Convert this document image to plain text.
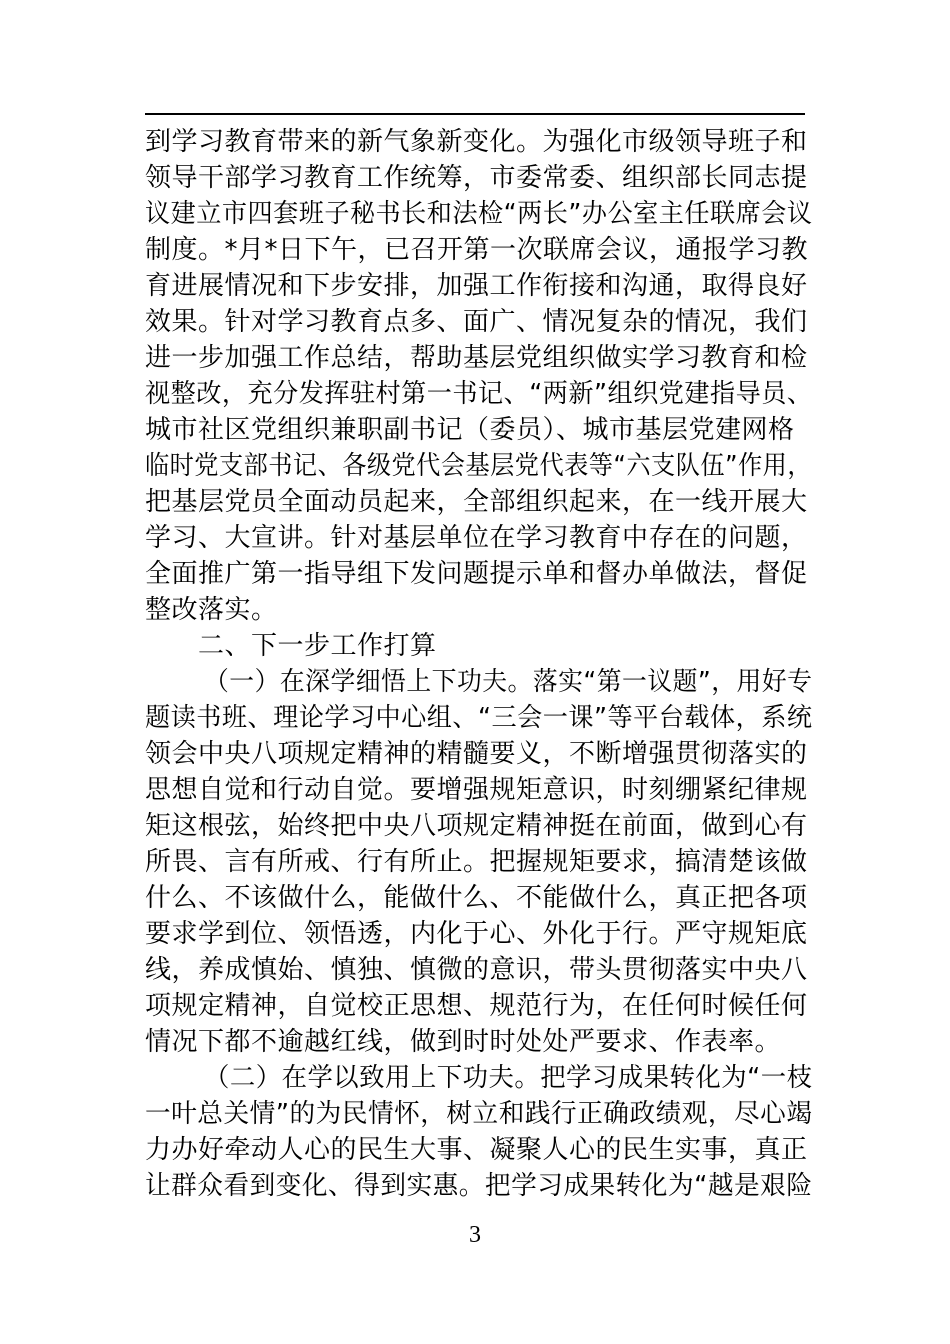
到学习教育带来的新气象新变化。为强化市级领导班子和
领导干部学习教育工作统筹，市委常委、组织部长同志提
议建立市四套班子秘书长和法检“两长”办公室主任联席会议
制度。*月*日下午，已召开第一次联席会议，通报学习教
育进展情况和下步安排，加强工作衔接和沟通，取得良好
效果。针对学习教育点多、面广、情况复杂的情况，我们
进一步加强工作总结，帮助基层党组织做实学习教育和检
视整改，充分发挥驻村第一书记、“两新”组织党建指导员、
城市社区党组织兼职副书记（委员）、城市基层党建网格
临时党支部书记、各级党代会基层党代表等“六支队伍”作用，
把基层党员全面动员起来，全部组织起来，在一线开展大
学习、大宣讲。针对基层单位在学习教育中存在的问题，
全面推广第一指导组下发问题提示单和督办单做法，督促
整改落实。
二、下一步工作打算
（一）在深学细悟上下功夫。落实“第一议题”，用好专
题读书班、理论学习中心组、“三会一课”等平台载体，系统
领会中央八项规定精神的精髓要义，不断增强贯彻落实的
思想自觉和行动自觉。要增强规矩意识，时刻绷紧纪律规
矩这根弦，始终把中央八项规定精神挺在前面，做到心有
所畏、言有所戒、行有所止。把握规矩要求，搞清楚该做
什么、不该做什么，能做什么、不能做什么，真正把各项
要求学到位、领悟透，内化于心、外化于行。严守规矩底
线，养成慎始、慎独、慎微的意识，带头贯彻落实中央八
项规定精神，自觉校正思想、规范行为，在任何时候任何
情况下都不逾越红线，做到时时处处严要求、作表率。
（二）在学以致用上下功夫。把学习成果转化为“一枝
一叶总关情”的为民情怀，树立和践行正确政绩观，尽心竭
力办好牵动人心的民生大事、凝聚人心的民生实事，真正
让群众看到变化、得到实惠。把学习成果转化为“越是艰险
3
